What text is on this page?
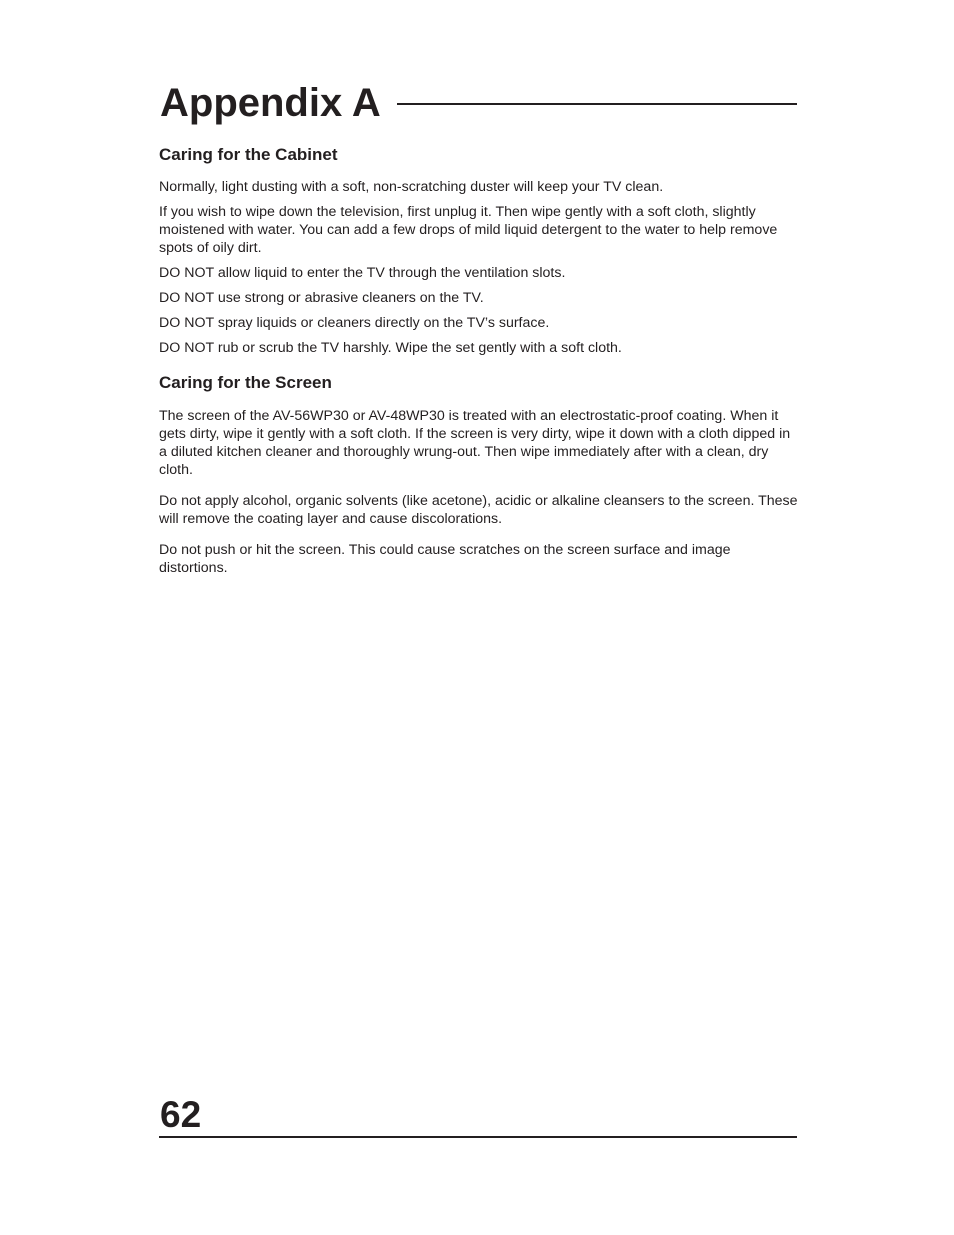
Appendix A
Caring for the Cabinet

Normally, light dusting with a soft, non-scratching duster will keep your TV clean.

If you wish to wipe down the television, first unplug it. Then wipe gently with a soft cloth, slightly moistened with water. You can add a few drops of mild liquid detergent to the water to help remove spots of oily dirt.

DO NOT allow liquid to enter the TV through the ventilation slots.

DO NOT use strong or abrasive cleaners on the TV.

DO NOT spray liquids or cleaners directly on the TV’s surface.

DO NOT rub or scrub the TV harshly. Wipe the set gently with a soft cloth.

Caring for the Screen

The screen of the AV-56WP30 or AV-48WP30 is treated with an electrostatic-proof coating. When it gets dirty, wipe it gently with a soft cloth. If the screen is very dirty, wipe it down with a cloth dipped in a diluted kitchen cleaner and thoroughly wrung-out. Then wipe immediately after with a clean, dry cloth.

Do not apply alcohol, organic solvents (like acetone), acidic or alkaline cleansers to the screen. These will remove the coating layer and cause discolorations.

Do not push or hit the screen. This could cause scratches on the screen surface and image distortions.

62
